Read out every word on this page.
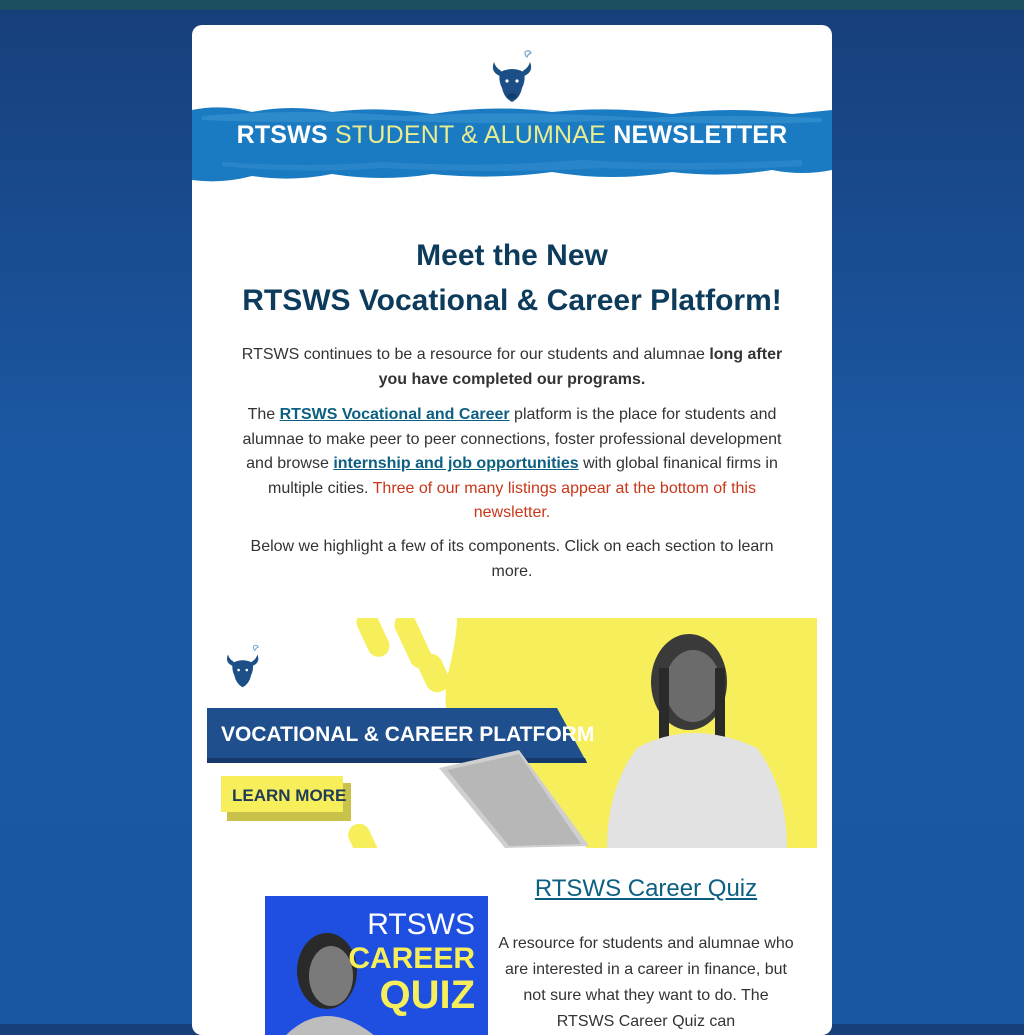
RTSWS STUDENT & ALUMNAE NEWSLETTER
Meet the New
RTSWS Vocational & Career Platform!
RTSWS continues to be a resource for our students and alumnae long after you have completed our programs.
The RTSWS Vocational and Career platform is the place for students and alumnae to make peer to peer connections, foster professional development and browse internship and job opportunities with global finanical firms in multiple cities. Three of our many listings appear at the bottom of this newsletter.
Below we highlight a few of its components. Click on each section to learn more.
VOCATIONAL & CAREER PLATFORM
LEARN MORE
RTSWS
CAREER
QUIZ
RTSWS Career Quiz
A resource for students and alumnae who are interested in a career in finance, but not sure what they want to do. The RTSWS Career Quiz can
